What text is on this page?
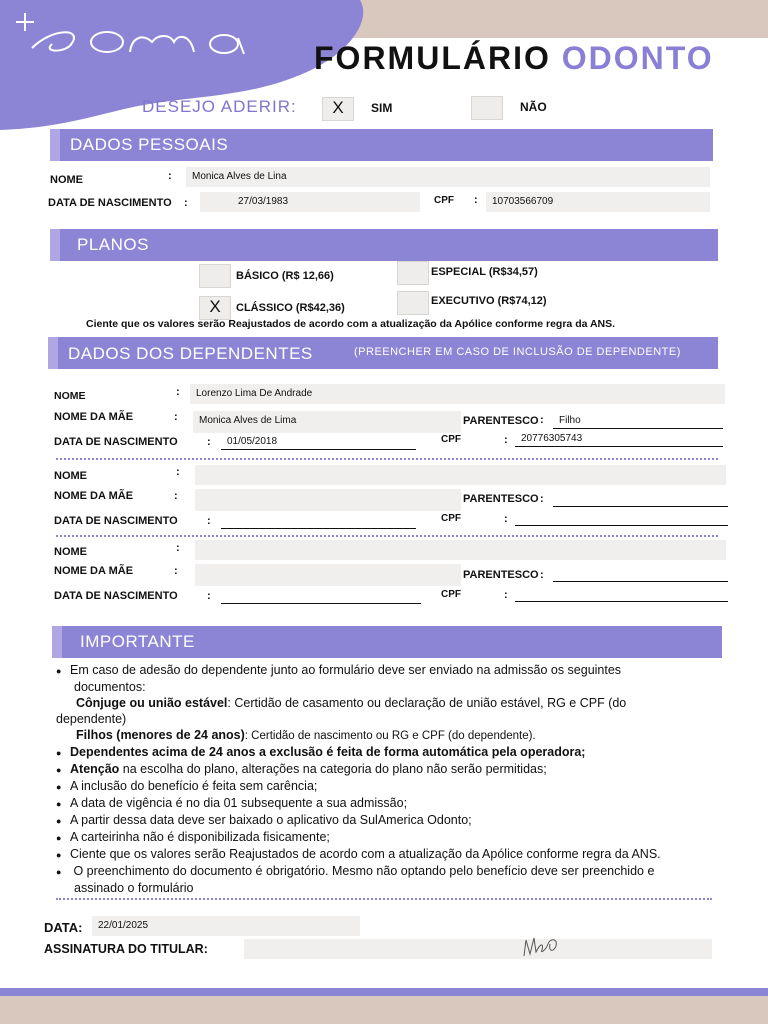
FORMULÁRIO ODONTO
DESEJO ADERIR:	X	SIM	NÃO
DADOS PESSOAIS
NOME	:	Monica Alves de Lina
DATA DE NASCIMENTO :	27/03/1983	CPF :	10703566709
PLANOS
BÁSICO (R$ 12,66)
X	CLÁSSICO (R$42,36)
ESPECIAL (R$34,57)
EXECUTIVO (R$74,12)
Ciente que os valores serão Reajustados de acordo com a atualização da Apólice conforme regra da ANS.
DADOS DOS DEPENDENTES	(PREENCHER EM CASO DE INCLUSÃO DE DEPENDENTE)
NOME	:	Lorenzo Lima De Andrade
NOME DA MÃE	:	Monica Alves de Lima	PARENTESCO :	Filho
DATA DE NASCIMENTO	:	01/05/2018	CPF	:	20776305743
NOME	:
NOME DA MÃE	:	PARENTESCO :
DATA DE NASCIMENTO	:	CPF	:
NOME	:
NOME DA MÃE	:	PARENTESCO :
DATA DE NASCIMENTO	:	CPF	:
IMPORTANTE
● Em caso de adesão do dependente junto ao formulário deve ser enviado na admissão os seguintes
documentos:
Cônjuge ou união estável: Certidão de casamento ou declaração de união estável, RG e CPF (do
dependente)
Filhos (menores de 24 anos): Certidão de nascimento ou RG e CPF (do dependente).
● Dependentes acima de 24 anos a exclusão é feita de forma automática pela operadora;
● Atenção na escolha do plano, alterações na categoria do plano não serão permitidas;
● A inclusão do benefício é feita sem carência;
● A data de vigência é no dia 01 subsequente a sua admissão;
● A partir dessa data deve ser baixado o aplicativo da SulAmerica Odonto;
● A carteirinha não é disponibilizada fisicamente;
● Ciente que os valores serão Reajustados de acordo com a atualização da Apólice conforme regra da ANS.
● O preenchimento do documento é obrigatório. Mesmo não optando pelo benefício deve ser preenchido e
assinado o formulário
DATA:	22/01/2025
ASSINATURA DO TITULAR:
